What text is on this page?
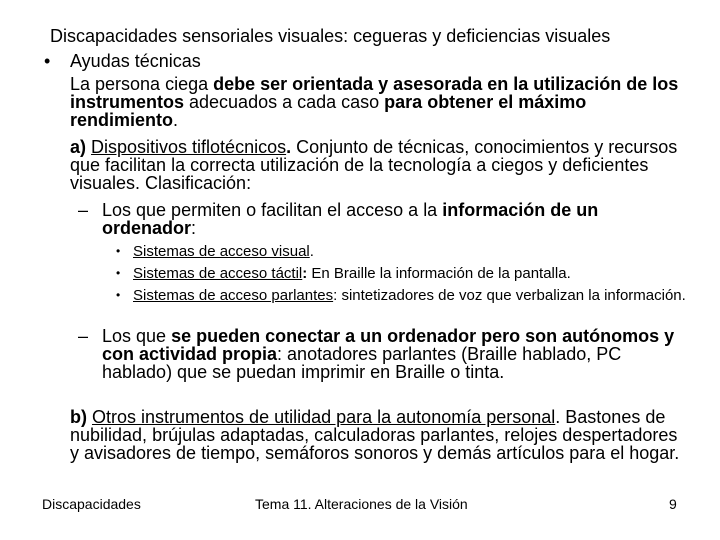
Discapacidades sensoriales visuales: cegueras y deficiencias visuales
• Ayudas técnicas
La persona ciega debe ser orientada y asesorada en la utilización de los instrumentos adecuados a cada caso para obtener el máximo rendimiento.
a) Dispositivos tiflotécnicos. Conjunto de técnicas, conocimientos y recursos que facilitan la correcta utilización de la tecnología a ciegos y deficientes visuales. Clasificación:
– Los que permiten o facilitan el acceso a la información de un ordenador:
• Sistemas de acceso visual.
• Sistemas de acceso táctil: En Braille la información de la pantalla.
• Sistemas de acceso parlantes: sintetizadores de voz que verbalizan la información.
– Los que se pueden conectar a un ordenador pero son autónomos y con actividad propia: anotadores parlantes (Braille hablado, PC hablado) que se puedan imprimir en Braille o tinta.
b) Otros instrumentos de utilidad para la autonomía personal. Bastones de nubilidad, brújulas adaptadas, calculadoras parlantes, relojes despertadores y avisadores de tiempo, semáforos sonoros y demás artículos para el hogar.
Discapacidades	Tema 11. Alteraciones de la Visión	9
